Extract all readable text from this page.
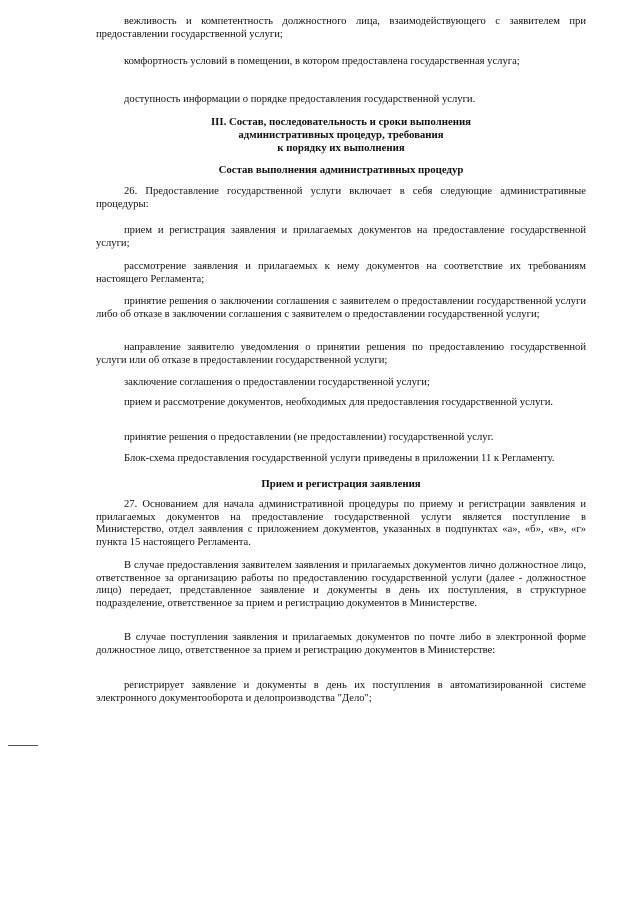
вежливость и компетентность должностного лица, взаимодействующего с заявителем при предоставлении государственной услуги;
комфортность условий в помещении, в котором предоставлена государственная услуга;
доступность информации о порядке предоставления государственной услуги.
III. Состав, последовательность и сроки выполнения
административных процедур, требования
к порядку их выполнения
Состав выполнения административных процедур
26. Предоставление государственной услуги включает в себя следующие административные процедуры:
прием и регистрация заявления и прилагаемых документов на предоставление государственной услуги;
рассмотрение заявления и прилагаемых к нему документов на соответствие их требованиям настоящего Регламента;
принятие решения о заключении соглашения с заявителем о предоставлении государственной услуги либо об отказе в заключении соглашения с заявителем о предоставлении государственной услуги;
направление заявителю уведомления о принятии решения по предоставлению государственной услуги или об отказе в предоставлении государственной услуги;
заключение соглашения о предоставлении государственной услуги;
прием и рассмотрение документов, необходимых для предоставления государственной услуги.
принятие решения о предоставлении (не предоставлении) государственной услуг.
Блок-схема предоставления государственной услуги приведены в приложении 11 к Регламенту.
Прием и регистрация заявления
27. Основанием для начала административной процедуры по приему и регистрации заявления и прилагаемых документов на предоставление государственной услуги является поступление в Министерство, отдел заявления с приложением документов, указанных в подпунктах «а», «б», «в», «г» пункта 15 настоящего Регламента.
В случае предоставления заявителем заявления и прилагаемых документов лично должностное лицо, ответственное за организацию работы по предоставлению государственной услуги (далее - должностное лицо) передает, представленное заявление и документы в день их поступления, в структурное подразделение, ответственное за прием и регистрацию документов в Министерстве.
В случае поступления заявления и прилагаемых документов по почте либо в электронной форме должностное лицо, ответственное за прием и регистрацию документов в Министерстве:
регистрирует заявление и документы в день их поступления в автоматизированной системе электронного документооборота и делопроизводства "Дело";
